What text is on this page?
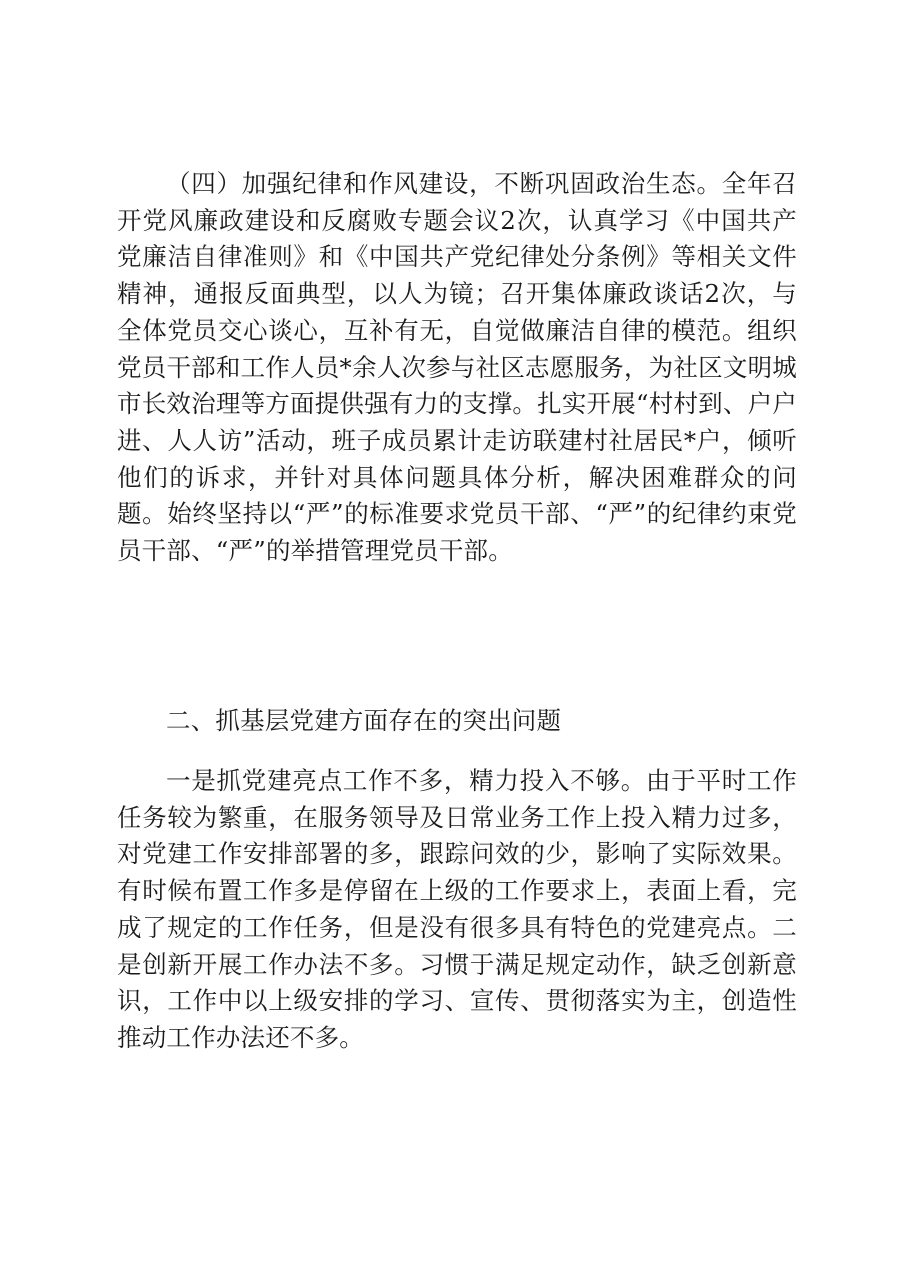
（四）加强纪律和作风建设，不断巩固政治生态。全年召开党风廉政建设和反腐败专题会议2次，认真学习《中国共产党廉洁自律准则》和《中国共产党纪律处分条例》等相关文件精神，通报反面典型，以人为镜；召开集体廉政谈话2次，与全体党员交心谈心，互补有无，自觉做廉洁自律的模范。组织党员干部和工作人员*余人次参与社区志愿服务，为社区文明城市长效治理等方面提供强有力的支撑。扎实开展“村村到、户户进、人人访”活动，班子成员累计走访联建村社居民*户，倾听他们的诉求，并针对具体问题具体分析，解决困难群众的问题。始终坚持以“严”的标准要求党员干部、“严”的纪律约束党员干部、“严”的举措管理党员干部。

二、抓基层党建方面存在的突出问题

一是抓党建亮点工作不多，精力投入不够。由于平时工作任务较为繁重，在服务领导及日常业务工作上投入精力过多，对党建工作安排部署的多，跟踪问效的少，影响了实际效果。有时候布置工作多是停留在上级的工作要求上，表面上看，完成了规定的工作任务，但是没有很多具有特色的党建亮点。二是创新开展工作办法不多。习惯于满足规定动作，缺乏创新意识，工作中以上级安排的学习、宣传、贯彻落实为主，创造性推动工作办法还不多。
